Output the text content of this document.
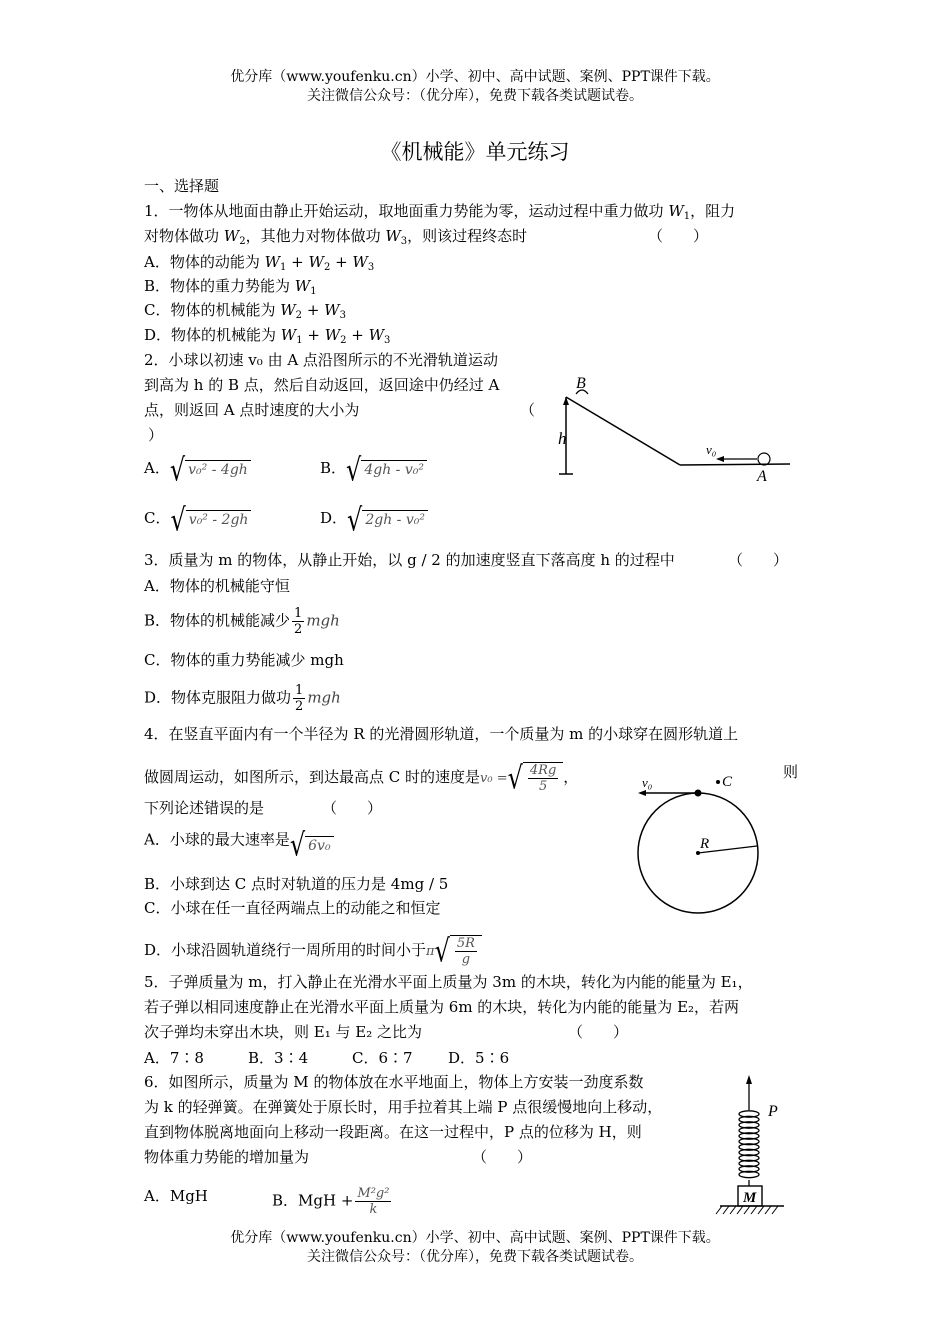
优分库（www.youfenku.cn）小学、初中、高中试题、案例、PPT课件下载。
关注微信公众号：（优分库），免费下载各类试题试卷。
《机械能》单元练习
一、选择题
1．一物体从地面由静止开始运动，取地面重力势能为零，运动过程中重力做功 $W_1$，阻力
对物体做功 $W_2$，其他力对物体做功 $W_3$，则该过程终态时	（　　）
A．物体的动能为 $W_1 + W_2 + W_3$
B．物体的重力势能为 $W_1$
C．物体的机械能为 $W_2 + W_3$
D．物体的机械能为 $W_1 + W_2 + W_3$
2．小球以初速 v₀ 由 A 点沿图所示的不光滑轨道运动
到高为 h 的 B 点，然后自动返回，返回途中仍经过 A
点，则返回 A 点时速度的大小为	（
）
A．√ v₀² - 4gh	B．√ 4gh - v₀²
C．√ v₀² - 2gh	D．√ 2gh - v₀²
B
h
v₀
A
3．质量为 m 的物体，从静止开始，以 g / 2 的加速度竖直下落高度 h 的过程中	（　　）
A．物体的机械能守恒
B．物体的机械能减少 $\frac{1}{2}$ mgh
C．物体的重力势能减少 mgh
D．物体克服阻力做功 $\frac{1}{2}$ mgh
4．在竖直平面内有一个半径为 R 的光滑圆形轨道，一个质量为 m 的小球穿在圆形轨道上
做圆周运动，如图所示，到达最高点 C 时的速度是v₀ =√ $\frac{4Rg}{5}$ ，	则
下列论述错误的是	（　　）
A．小球的最大速率是√ 6v₀
B．小球到达 C 点时对轨道的压力是 4mg / 5
C．小球在任一直径两端点上的动能之和恒定
D．小球沿圆轨道绕行一周所用的时间小于$\pi√ \frac{5R}{g}$
v₀	C
R
5．子弹质量为 m，打入静止在光滑水平面上质量为 3m 的木块，转化为内能的能量为 E₁，
若子弹以相同速度静止在光滑水平面上质量为 6m 的木块，转化为内能的能量为 E₂，若两
次子弹均未穿出木块，则 E₁ 与 E₂ 之比为	（　　）
A．7∶8	B．3∶4	C．6∶7 D．5∶6
6．如图所示，质量为 M 的物体放在水平地面上，物体上方安装一劲度系数
为 k 的轻弹簧。在弹簧处于原长时，用手拉着其上端 P 点很缓慢地向上移动，
直到物体脱离地面向上移动一段距离。在这一过程中，P 点的位移为 H，则
物体重力势能的增加量为	（　　）
A．MgH	B．MgH + $\frac{\text{M²g²}}{k}$
P
M
优分库（www.youfenku.cn）小学、初中、高中试题、案例、PPT课件下载。
关注微信公众号：（优分库），免费下载各类试题试卷。
